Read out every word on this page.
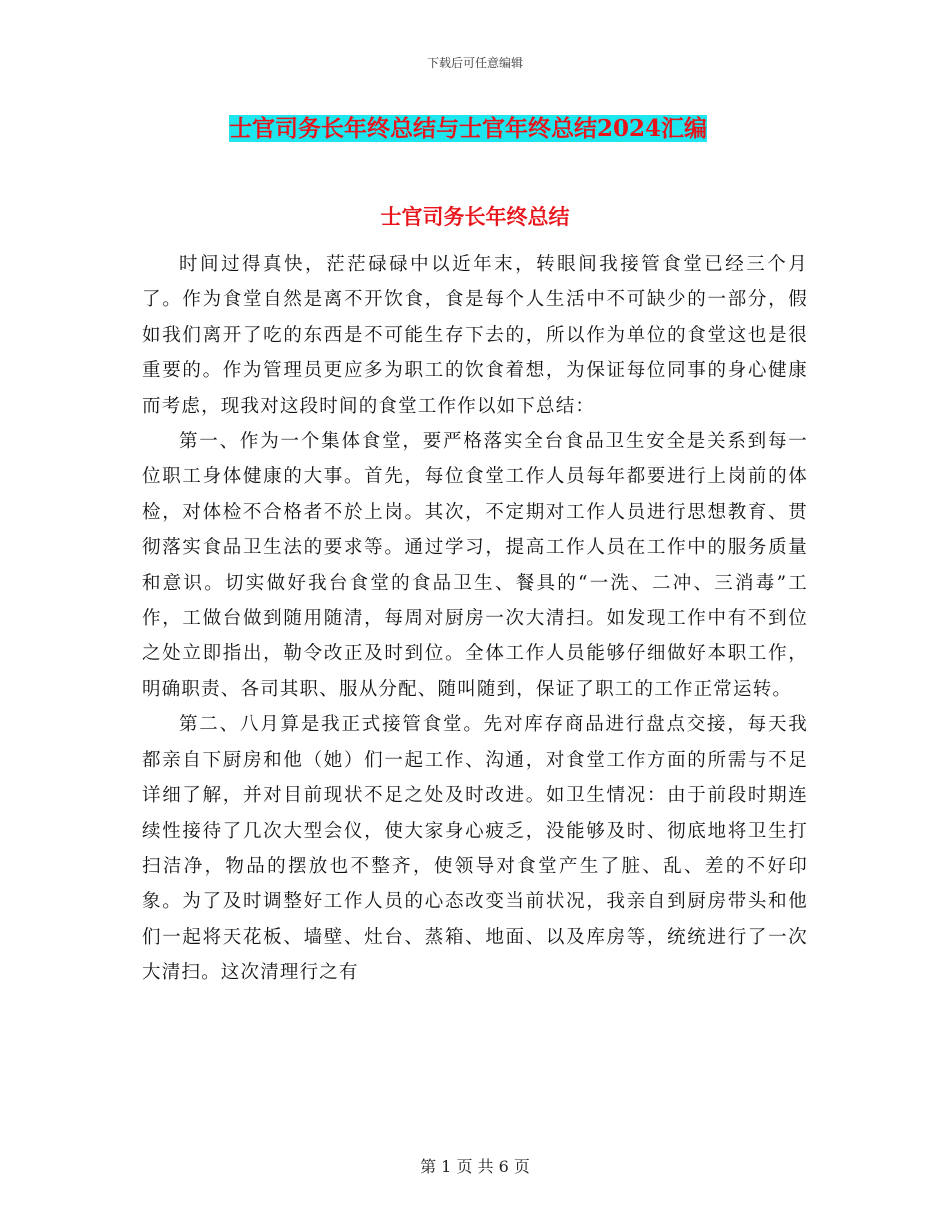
下载后可任意编辑
士官司务长年终总结与士官年终总结2024汇编
士官司务长年终总结

时间过得真快，茫茫碌碌中以近年末，转眼间我接管食堂已经三个月了。作为食堂自然是离不开饮食，食是每个人生活中不可缺少的一部分，假如我们离开了吃的东西是不可能生存下去的，所以作为单位的食堂这也是很重要的。作为管理员更应多为职工的饮食着想，为保证每位同事的身心健康而考虑，现我对这段时间的食堂工作作以如下总结：

第一、作为一个集体食堂，要严格落实全台食品卫生安全是关系到每一位职工身体健康的大事。首先，每位食堂工作人员每年都要进行上岗前的体检，对体检不合格者不於上岗。其次，不定期对工作人员进行思想教育、贯彻落实食品卫生法的要求等。通过学习，提高工作人员在工作中的服务质量和意识。切实做好我台食堂的食品卫生、餐具的“一洗、二冲、三消毒”工作，工做台做到随用随清，每周对厨房一次大清扫。如发现工作中有不到位之处立即指出，勒令改正及时到位。全体工作人员能够仔细做好本职工作，明确职责、各司其职、服从分配、随叫随到，保证了职工的工作正常运转。

第二、八月算是我正式接管食堂。先对库存商品进行盘点交接，每天我都亲自下厨房和他（她）们一起工作、沟通，对食堂工作方面的所需与不足详细了解，并对目前现状不足之处及时改进。如卫生情况：由于前段时期连续性接待了几次大型会仪，使大家身心疲乏，没能够及时、彻底地将卫生打扫洁净，物品的摆放也不整齐，使领导对食堂产生了脏、乱、差的不好印象。为了及时调整好工作人员的心态改变当前状况，我亲自到厨房带头和他们一起将天花板、墙壁、灶台、蒸箱、地面、以及库房等，统统进行了一次大清扫。这次清理行之有

第 1 页 共 6 页
